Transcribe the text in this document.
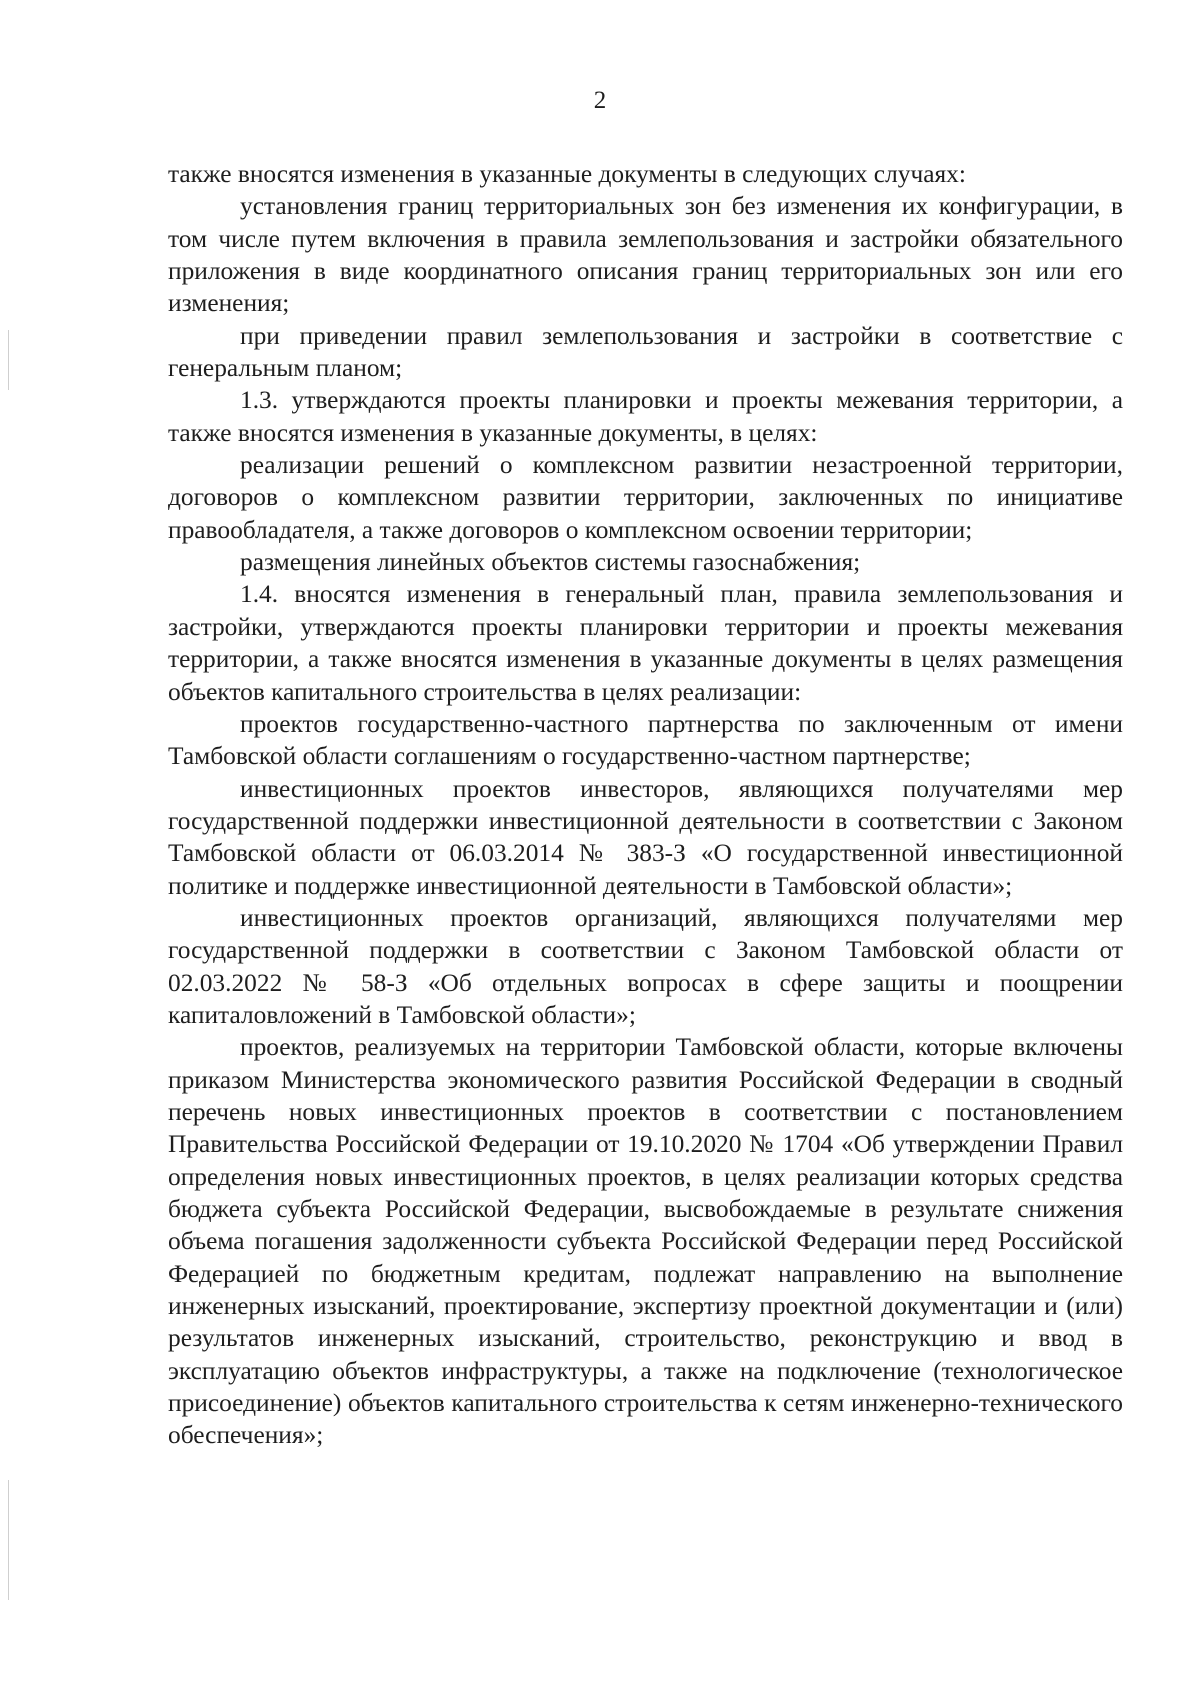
2

также вносятся изменения в указанные документы в следующих случаях:

установления границ территориальных зон без изменения их конфигурации, в том числе путем включения в правила землепользования и застройки обязательного приложения в виде координатного описания границ территориальных зон или его изменения;

при приведении правил землепользования и застройки в соответствие с генеральным планом;

1.3. утверждаются проекты планировки и проекты межевания территории, а также вносятся изменения в указанные документы, в целях:

реализации решений о комплексном развитии незастроенной территории, договоров о комплексном развитии территории, заключенных по инициативе правообладателя, а также договоров о комплексном освоении территории;

размещения линейных объектов системы газоснабжения;

1.4. вносятся изменения в генеральный план, правила землепользования и застройки, утверждаются проекты планировки территории и проекты межевания территории, а также вносятся изменения в указанные документы в целях размещения объектов капитального строительства в целях реализации:

проектов государственно-частного партнерства по заключенным от имени Тамбовской области соглашениям о государственно-частном партнерстве;

инвестиционных проектов инвесторов, являющихся получателями мер государственной поддержки инвестиционной деятельности в соответствии с Законом Тамбовской области от 06.03.2014 № 383-З «О государственной инвестиционной политике и поддержке инвестиционной деятельности в Тамбовской области»;

инвестиционных проектов организаций, являющихся получателями мер государственной поддержки в соответствии с Законом Тамбовской области от 02.03.2022 № 58-З «Об отдельных вопросах в сфере защиты и поощрении капиталовложений в Тамбовской области»;

проектов, реализуемых на территории Тамбовской области, которые включены приказом Министерства экономического развития Российской Федерации в сводный перечень новых инвестиционных проектов в соответствии с постановлением Правительства Российской Федерации от 19.10.2020 № 1704 «Об утверждении Правил определения новых инвестиционных проектов, в целях реализации которых средства бюджета субъекта Российской Федерации, высвобождаемые в результате снижения объема погашения задолженности субъекта Российской Федерации перед Российской Федерацией по бюджетным кредитам, подлежат направлению на выполнение инженерных изысканий, проектирование, экспертизу проектной документации и (или) результатов инженерных изысканий, строительство, реконструкцию и ввод в эксплуатацию объектов инфраструктуры, а также на подключение (технологическое присоединение) объектов капитального строительства к сетям инженерно-технического обеспечения»;
